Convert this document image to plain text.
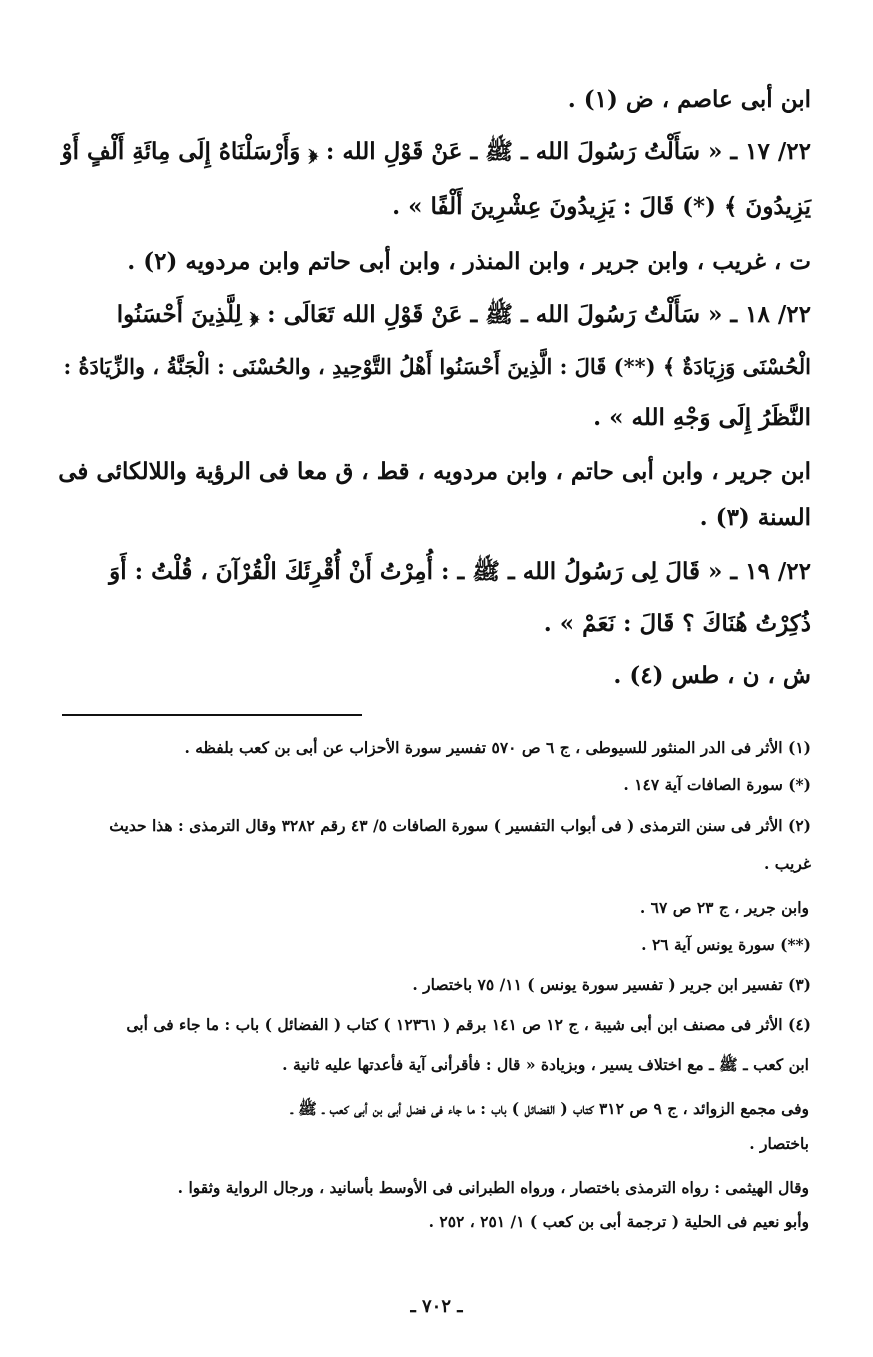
ابن أبى عاصم ، ض (١) .
٢٢/ ١٧ ـ « سَأَلْتُ رَسُولَ الله ـ ﷺ ـ عَنْ قَوْلِ الله : ﴿ وَأَرْسَلْنَاهُ إِلَى مِائَةِ أَلْفٍ أَوْ
يَزِيدُونَ ﴾ (*) قَالَ : يَزِيدُونَ عِشْرِينَ أَلْفًا » .
ت ، غريب ، وابن جرير ، وابن المنذر ، وابن أبى حاتم وابن مردويه (٢) .
٢٢/ ١٨ ـ « سَأَلْتُ رَسُولَ الله ـ ﷺ ـ عَنْ قَوْلِ الله تَعَالَى : ﴿ لِلَّذِينَ أَحْسَنُوا
الْحُسْنَى وَزِيَادَةٌ ﴾ (**) قَالَ : الَّذِينَ أَحْسَنُوا أَهْلُ التَّوْحِيدِ ، والحُسْنَى : الْجَنَّةُ ، والزِّيَادَةُ :
النَّظَرُ إِلَى وَجْهِ الله » .
ابن جرير ، وابن أبى حاتم ، وابن مردويه ، قط ، ق معا فى الرؤية واللالكائى فى
السنة (٣) .
٢٢/ ١٩ ـ « قَالَ لِى رَسُولُ الله ـ ﷺ ـ : أُمِرْتُ أَنْ أُقْرِئَكَ الْقُرْآنَ ، قُلْتُ : أَوَ
ذُكِرْتُ هُنَاكَ ؟ قَالَ : نَعَمْ » .
ش ، ن ، طس (٤) .
(١) الأثر فى الدر المنثور للسيوطى ، ج ٦ ص ٥٧٠ تفسير سورة الأحزاب عن أبى بن كعب بلفظه .
(*) سورة الصافات آية ١٤٧ .
(٢) الأثر فى سنن الترمذى ( فى أبواب التفسير ) سورة الصافات ٥/ ٤٣ رقم ٣٢٨٢ وقال الترمذى : هذا حديث
غريب .
وابن جرير ، ج ٢٣ ص ٦٧ .
(**) سورة يونس آية ٢٦ .
(٣) تفسير ابن جرير ( تفسير سورة يونس ) ١١/ ٧٥ باختصار .
(٤) الأثر فى مصنف ابن أبى شيبة ، ج ١٢ ص ١٤١ برقم ( ١٢٣٦١ ) كتاب ( الفضائل ) باب : ما جاء فى أبى
ابن كعب ـ ﷺ ـ مع اختلاف يسير ، وبزيادة « قال : فأقرأنى آية فأعدتها عليه ثانية .
وفى مجمع الزوائد ، ج ٩ ص ٣١٢ كتاب ( الفضائل ) باب : ما جاء فى فضل أبى بن أبى كعب ـ ﷺ ـ
باختصار .
وقال الهيثمى : رواه الترمذى باختصار ، ورواه الطبرانى فى الأوسط بأسانيد ، ورجال الرواية وثقوا .
وأبو نعيم فى الحلية ( ترجمة أبى بن كعب ) ١/ ٢٥١ ، ٢٥٢ .
ـ ٧٠٢ ـ
